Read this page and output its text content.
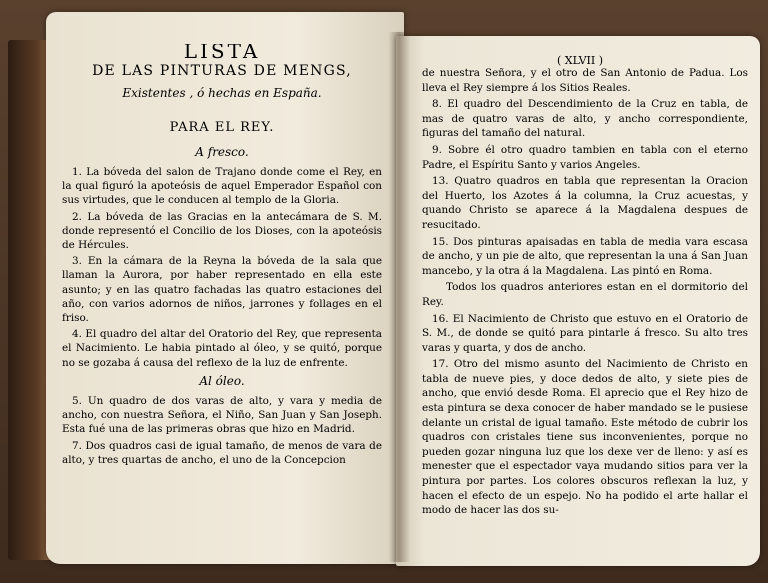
LISTA
DE LAS PINTURAS DE MENGS,
Existentes , ó hechas en España.
PARA EL REY.
A fresco.

1. La bóveda del salon de Trajano donde come el Rey, en la qual figuró la apoteósis de aquel Emperador Español con sus virtudes, que le conducen al templo de la Gloria.

2. La bóveda de las Gracias en la antecámara de S. M. donde representó el Concilio de los Dioses, con la apoteósis de Hércules.

3. En la cámara de la Reyna la bóveda de la sala que llaman la Aurora, por haber representado en ella este asunto; y en las quatro fachadas las quatro estaciones del año, con varios adornos de niños, jarrones y follages en el friso.

4. El quadro del altar del Oratorio del Rey, que representa el Nacimiento. Le habia pintado al óleo, y se quitó, porque no se gozaba á causa del reflexo de la luz de enfrente.

Al óleo.

5. Un quadro de dos varas de alto, y vara y media de ancho, con nuestra Señora, el Niño, San Juan y San Joseph. Esta fué una de las primeras obras que hizo en Madrid.

7. Dos quadros casi de igual tamaño, de menos de vara de alto, y tres quartas de ancho, el uno de la Concepcion

( XLVII )

de nuestra Señora, y el otro de San Antonio de Padua. Los lleva el Rey siempre á los Sitios Reales.

8. El quadro del Descendimiento de la Cruz en tabla, de mas de quatro varas de alto, y ancho correspondiente, figuras del tamaño del natural.

9. Sobre él otro quadro tambien en tabla con el eterno Padre, el Espíritu Santo y varios Angeles.

13. Quatro quadros en tabla que representan la Oracion del Huerto, los Azotes á la columna, la Cruz acuestas, y quando Christo se aparece á la Magdalena despues de resucitado.

15. Dos pinturas apaisadas en tabla de media vara escasa de ancho, y un pie de alto, que representan la una á San Juan mancebo, y la otra á la Magdalena. Las pintó en Roma.

Todos los quadros anteriores estan en el dormitorio del Rey.

16. El Nacimiento de Christo que estuvo en el Oratorio de S. M., de donde se quitó para pintarle á fresco. Su alto tres varas y quarta, y dos de ancho.

17. Otro del mismo asunto del Nacimiento de Christo en tabla de nueve pies, y doce dedos de alto, y siete pies de ancho, que envió desde Roma. El aprecio que el Rey hizo de esta pintura se dexa conocer de haber mandado se le pusiese delante un cristal de igual tamaño. Este método de cubrir los quadros con cristales tiene sus inconvenientes, porque no pueden gozar ninguna luz que los dexe ver de lleno: y así es menester que el espectador vaya mudando sitios para ver la pintura por partes. Los colores obscuros reflexan la luz, y hacen el efecto de un espejo. No ha podido el arte hallar el modo de hacer las dos su-
